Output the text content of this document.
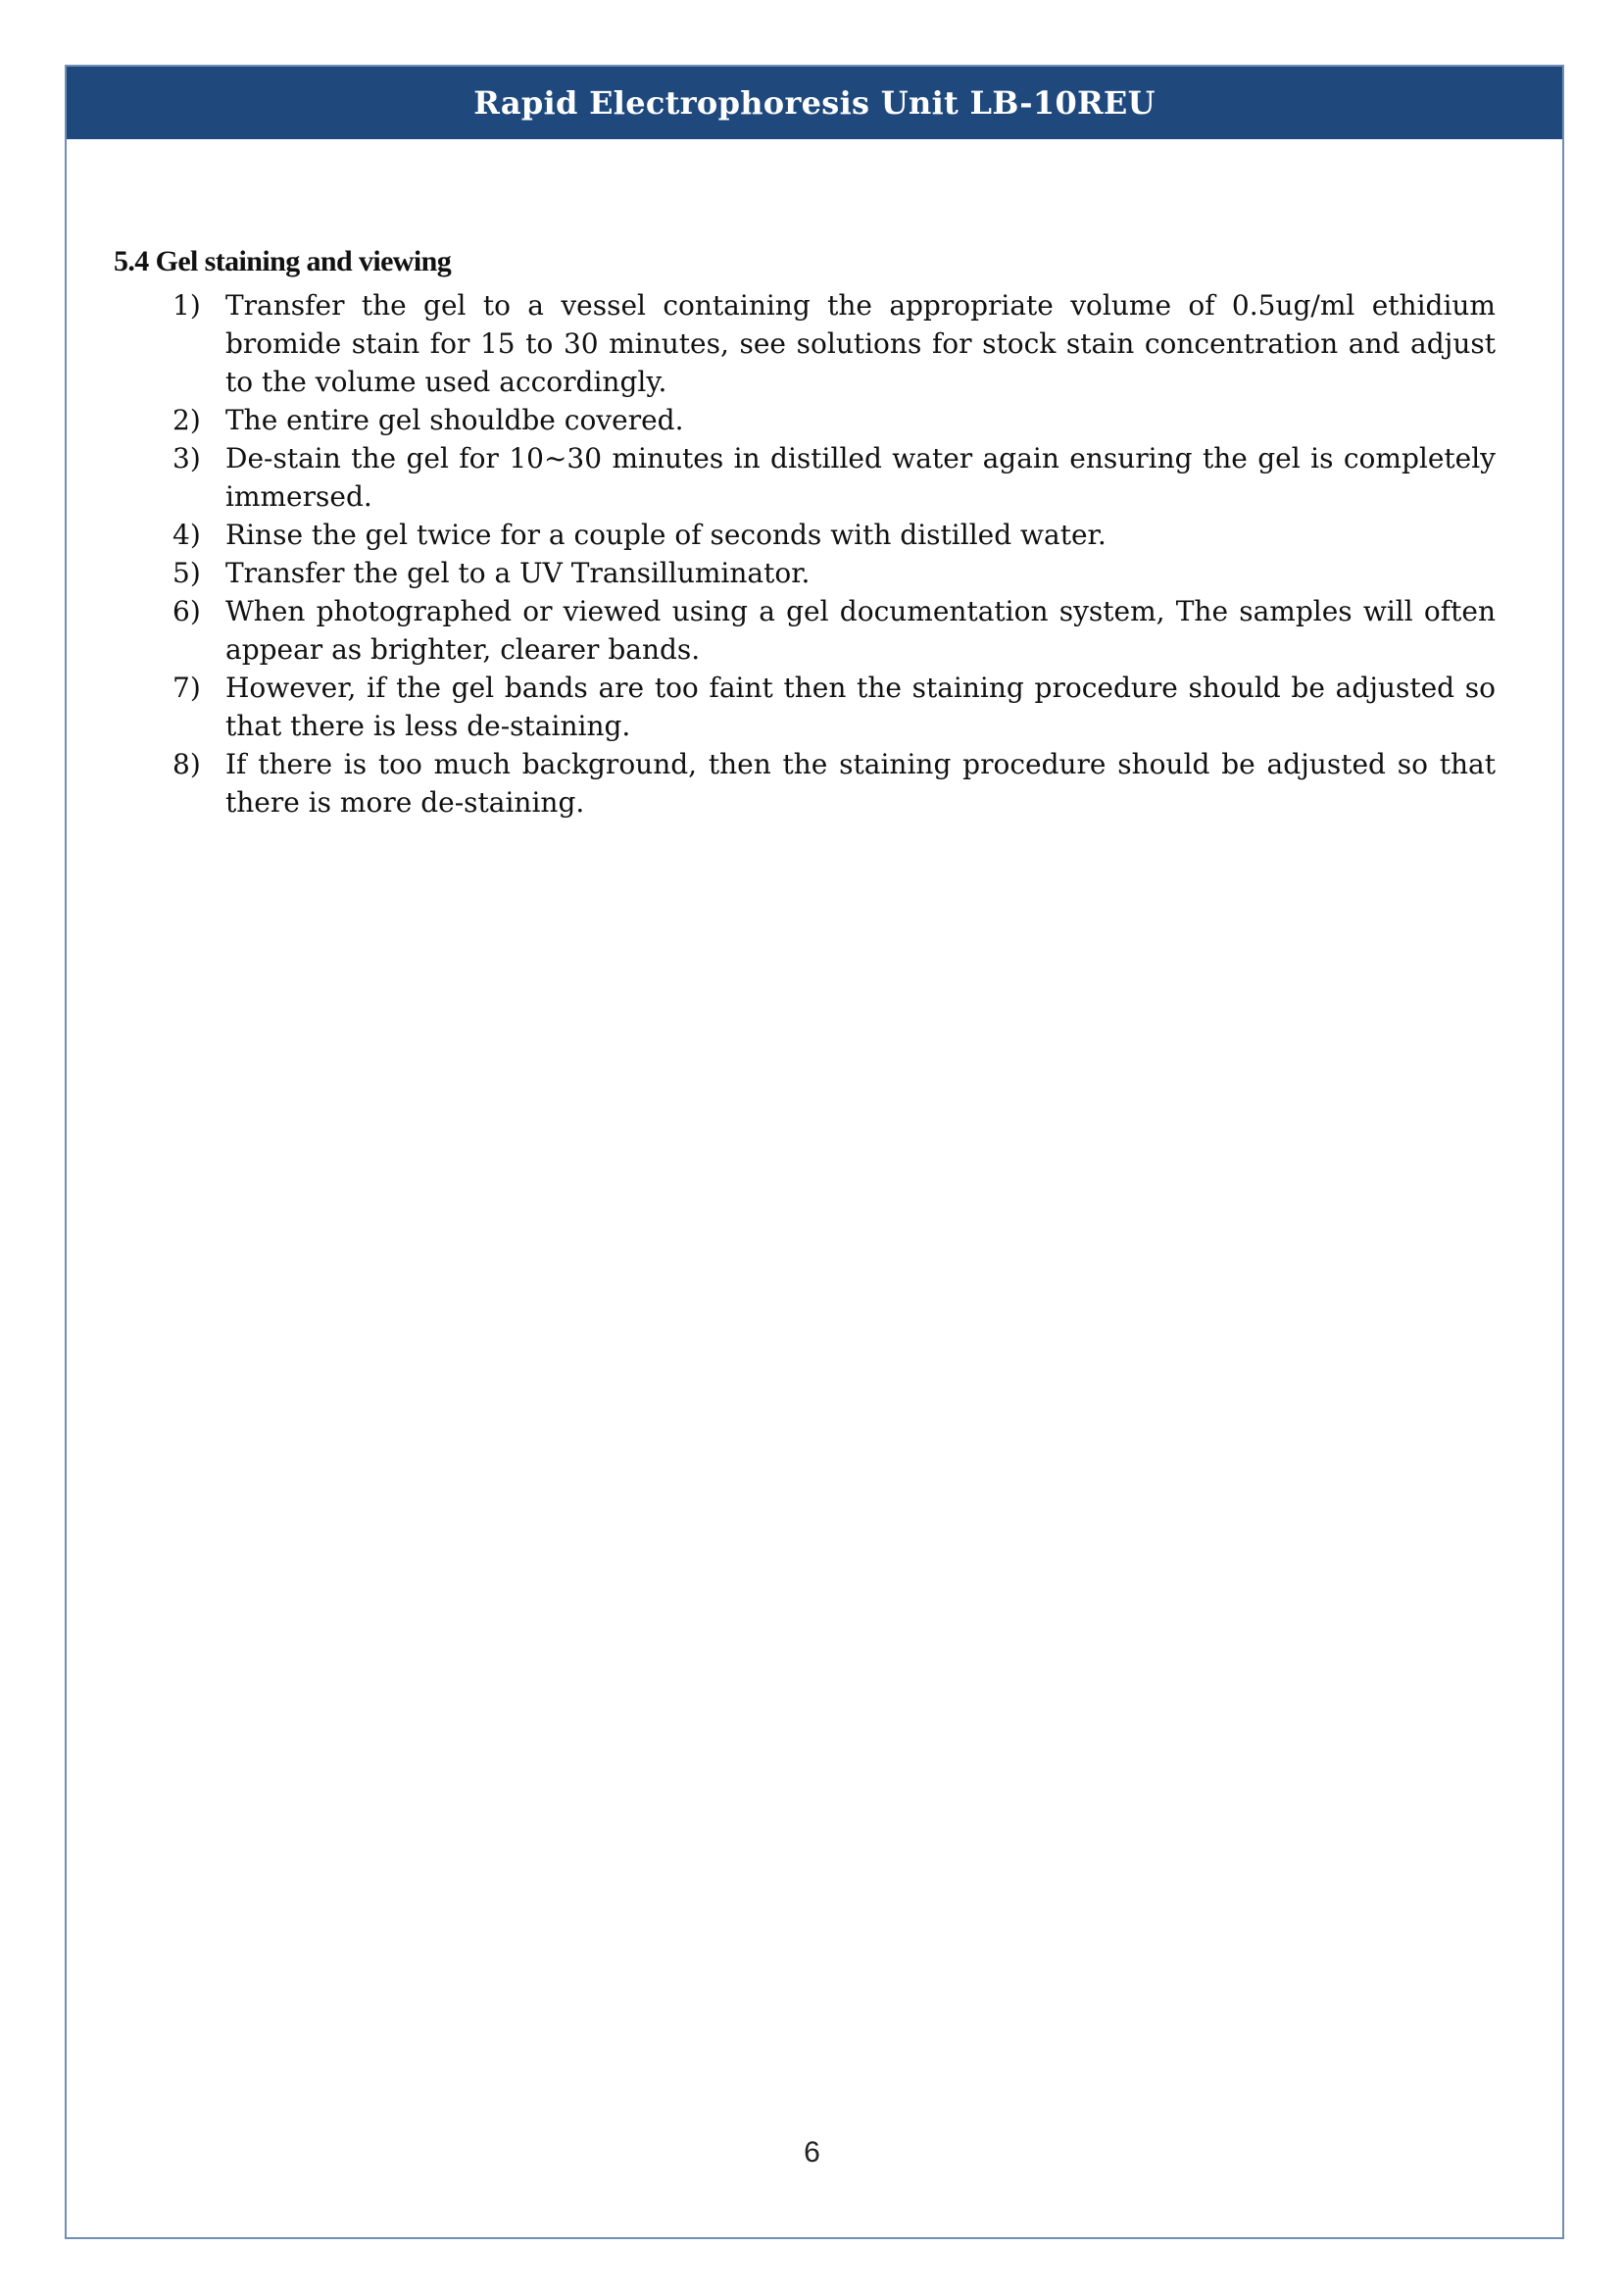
Rapid Electrophoresis Unit LB-10REU
5.4 Gel staining and viewing
1) Transfer the gel to a vessel containing the appropriate volume of 0.5ug/ml ethidium bromide stain for 15 to 30 minutes, see solutions for stock stain concentration and adjust to the volume used accordingly.
2) The entire gel shouldbe covered.
3) De-stain the gel for 10~30 minutes in distilled water again ensuring the gel is completely immersed.
4) Rinse the gel twice for a couple of seconds with distilled water.
5) Transfer the gel to a UV Transilluminator.
6) When photographed or viewed using a gel documentation system, The samples will often appear as brighter, clearer bands.
7) However, if the gel bands are too faint then the staining procedure should be adjusted so that there is less de-staining.
8) If there is too much background, then the staining procedure should be adjusted so that there is more de-staining.
6
